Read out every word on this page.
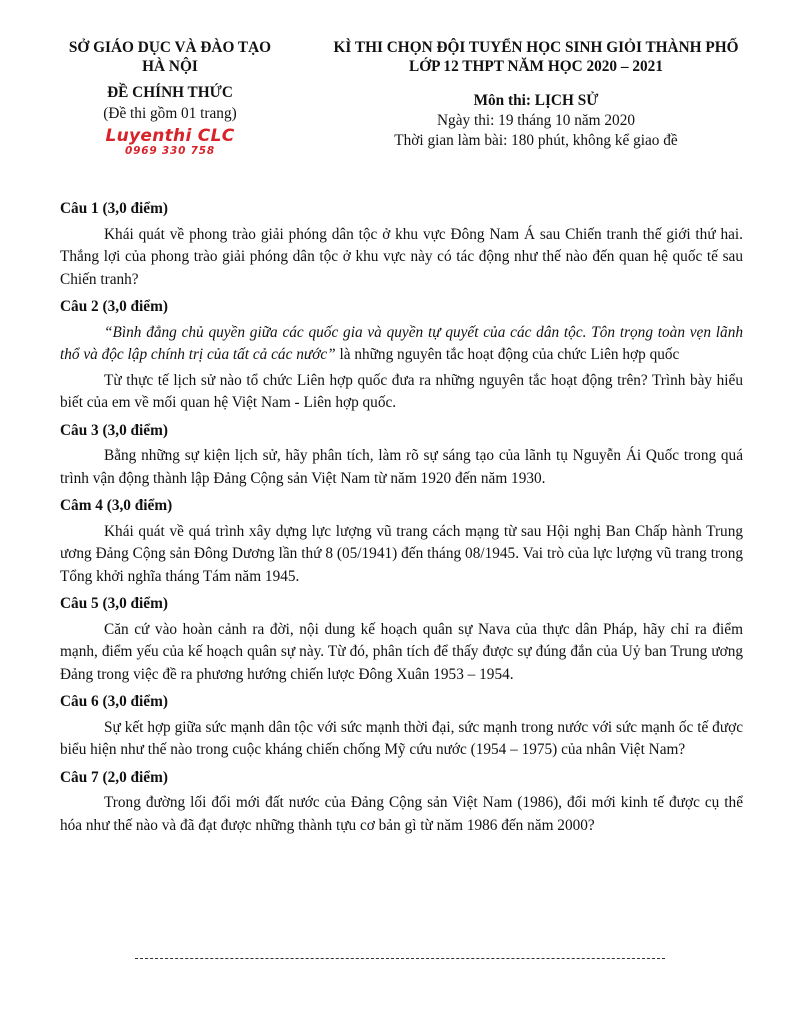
SỞ GIÁO DỤC VÀ ĐÀO TẠO
HÀ NỘI
ĐỀ CHÍNH THỨC
(Đề thi gồm 01 trang)
Luyenthi CLC
0969 330 758
KÌ THI CHỌN ĐỘI TUYỂN HỌC SINH GIỎI THÀNH PHỐ
LỚP 12 THPT NĂM HỌC 2020 – 2021
Môn thi: LỊCH SỬ
Ngày thi: 19 tháng 10 năm 2020
Thời gian làm bài: 180 phút, không kể giao đề
Câu 1 (3,0 điểm)

Khái quát về phong trào giải phóng dân tộc ở khu vực Đông Nam Á sau Chiến tranh thế giới thứ hai. Thắng lợi của phong trào giải phóng dân tộc ở khu vực này có tác động như thế nào đến quan hệ quốc tế sau Chiến tranh?

Câu 2 (3,0 điểm)

“Bình đẳng chủ quyền giữa các quốc gia và quyền tự quyết của các dân tộc. Tôn trọng toàn vẹn lãnh thổ và độc lập chính trị của tất cả các nước” là những nguyên tắc hoạt động của chức Liên hợp quốc

Từ thực tế lịch sử nào tổ chức Liên hợp quốc đưa ra những nguyên tắc hoạt động trên? Trình bày hiểu biết của em về mối quan hệ Việt Nam - Liên hợp quốc.

Câu 3 (3,0 điểm)

Bằng những sự kiện lịch sử, hãy phân tích, làm rõ sự sáng tạo của lãnh tụ Nguyễn Ái Quốc trong quá trình vận động thành lập Đảng Cộng sản Việt Nam từ năm 1920 đến năm 1930.

Câm 4 (3,0 điểm)

Khái quát về quá trình xây dựng lực lượng vũ trang cách mạng từ sau Hội nghị Ban Chấp hành Trung ương Đảng Cộng sản Đông Dương lần thứ 8 (05/1941) đến tháng 08/1945. Vai trò của lực lượng vũ trang trong Tổng khởi nghĩa tháng Tám năm 1945.

Câu 5 (3,0 điểm)

Căn cứ vào hoàn cảnh ra đời, nội dung kế hoạch quân sự Nava của thực dân Pháp, hãy chỉ ra điểm mạnh, điểm yếu của kế hoạch quân sự này. Từ đó, phân tích để thấy được sự đúng đắn của Uỷ ban Trung ương Đảng trong việc đề ra phương hướng chiến lược Đông Xuân 1953 – 1954.

Câu 6 (3,0 điểm)

Sự kết hợp giữa sức mạnh dân tộc với sức mạnh thời đại, sức mạnh trong nước với sức mạnh ốc tế được biểu hiện như thế nào trong cuộc kháng chiến chống Mỹ cứu nước (1954 – 1975) của nhân Việt Nam?

Câu 7 (2,0 điểm)

Trong đường lối đổi mới đất nước của Đảng Cộng sản Việt Nam (1986), đổi mới kinh tế được cụ thể hóa như thế nào và đã đạt được những thành tựu cơ bản gì từ năm 1986 đến năm 2000?
